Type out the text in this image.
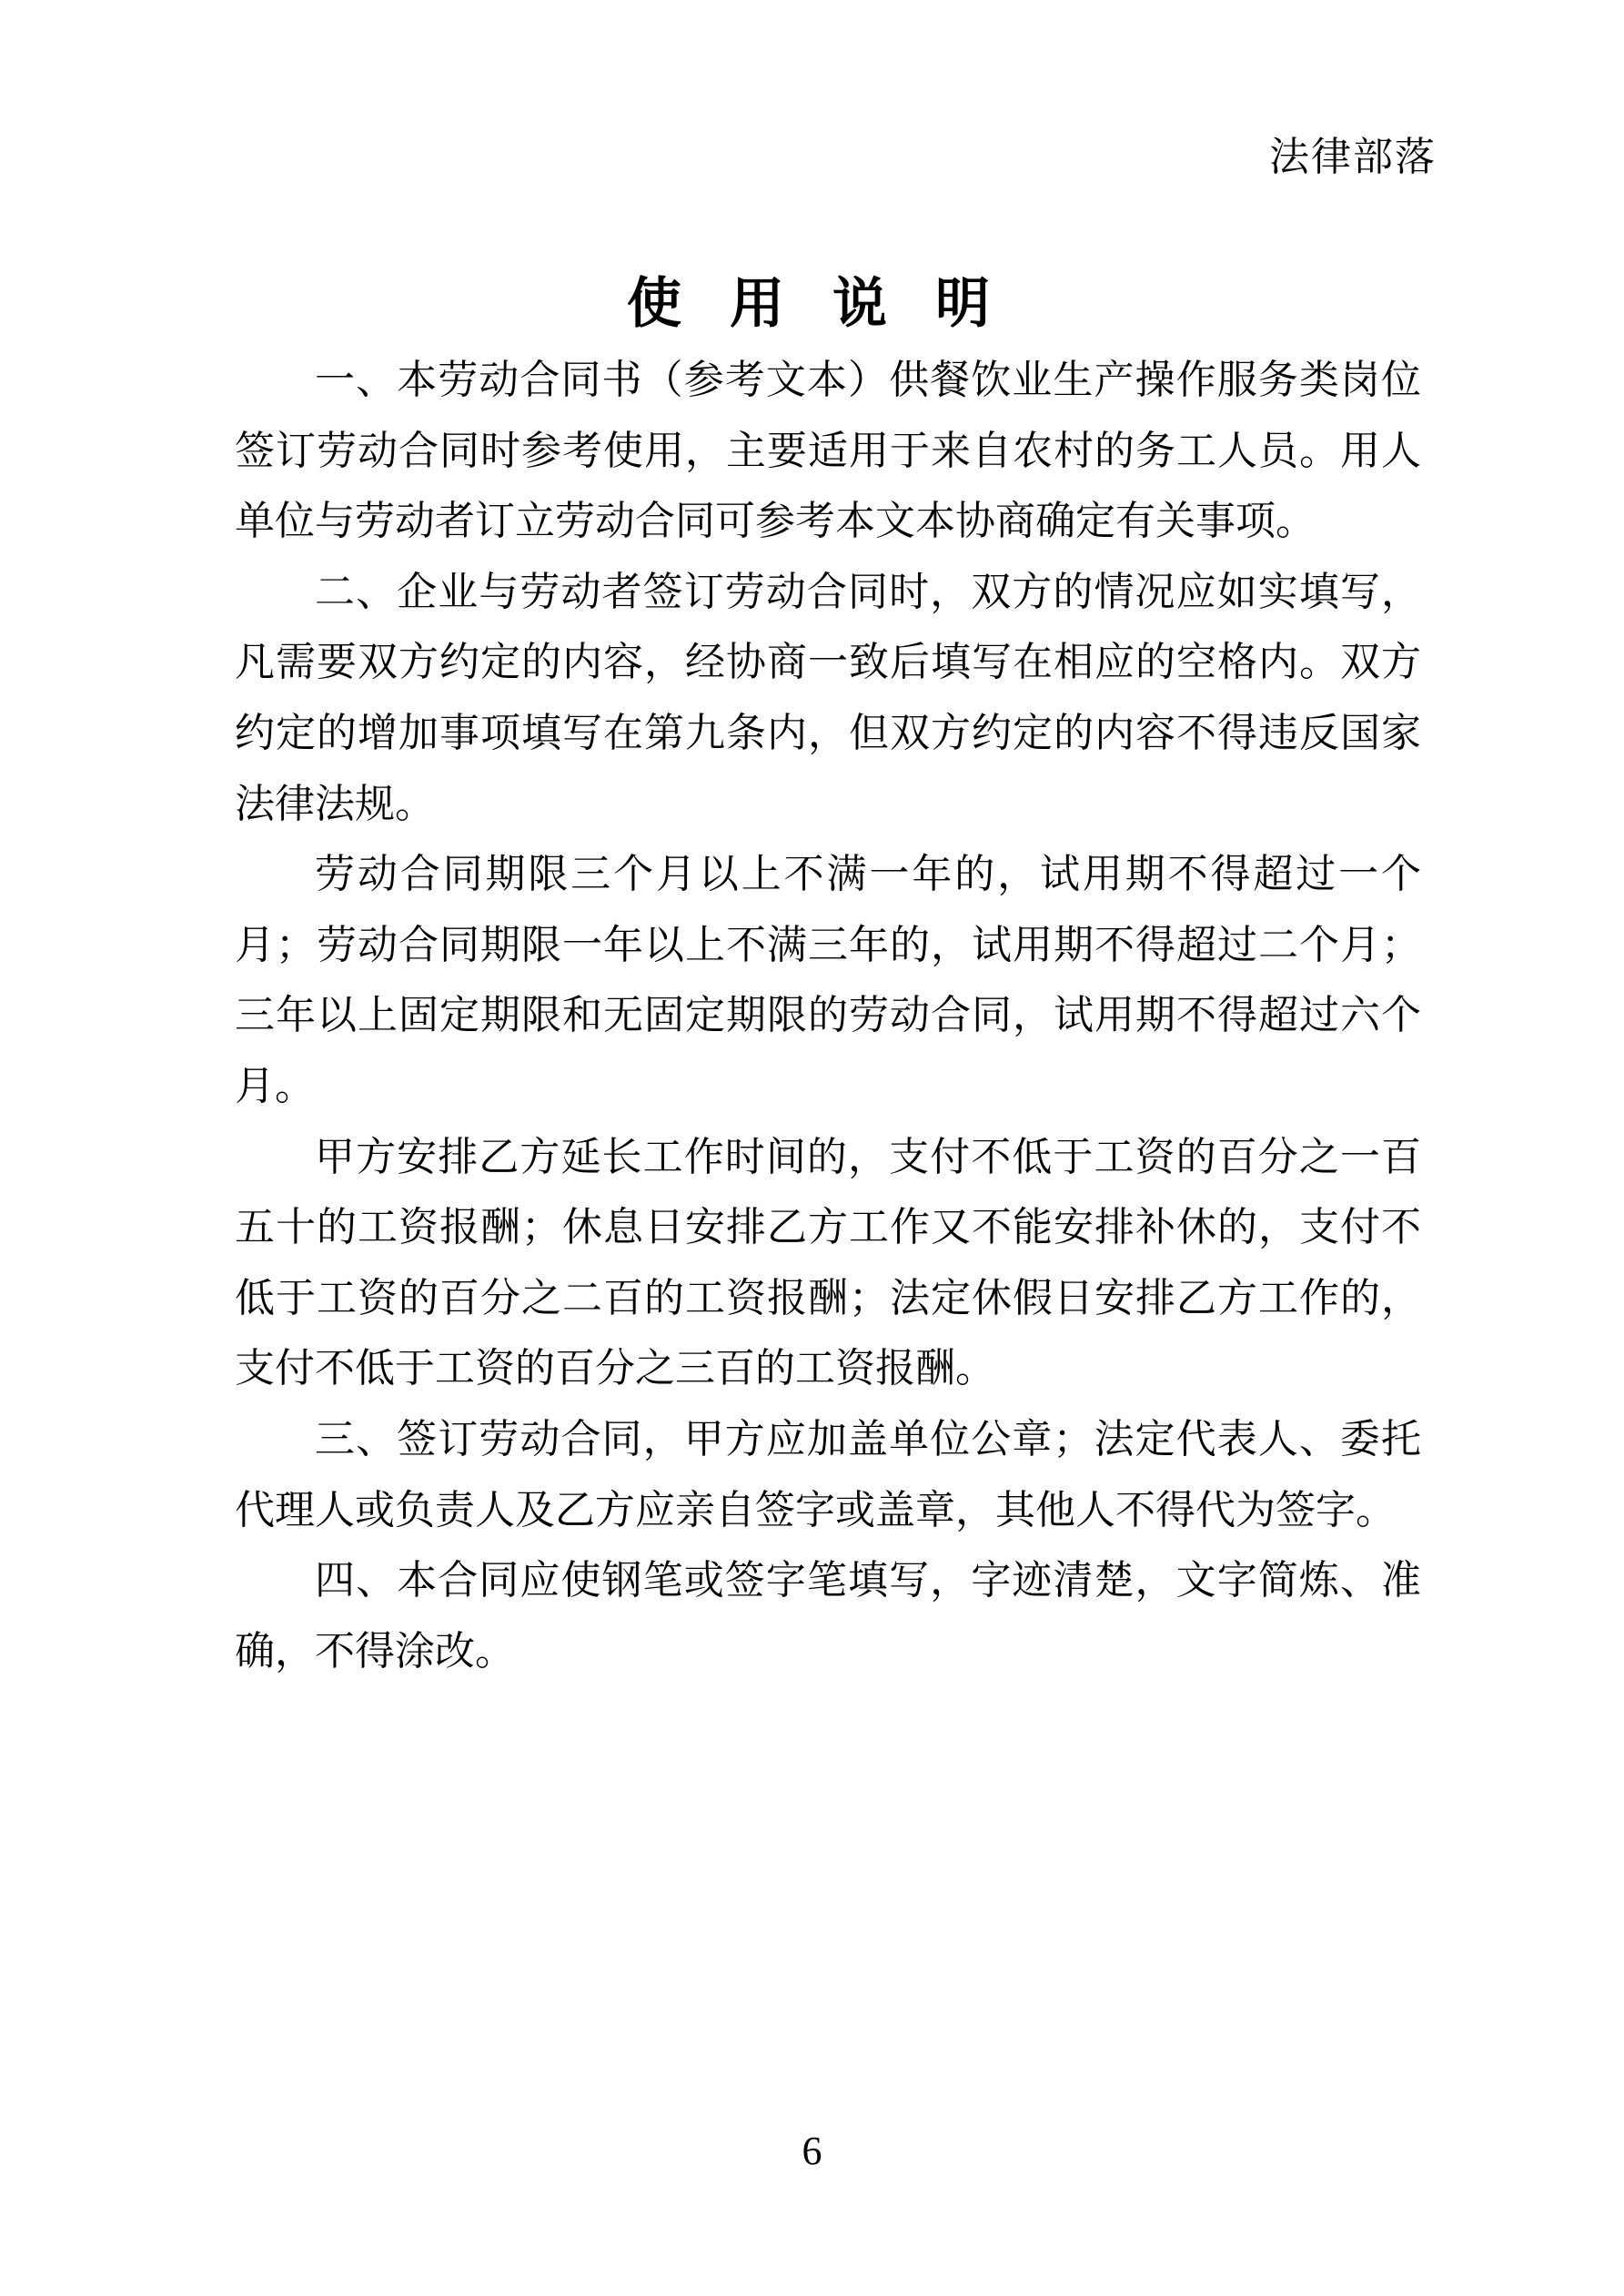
法律部落
使 用 说 明

一、本劳动合同书（参考文本）供餐饮业生产操作服务类岗位签订劳动合同时参考使用，主要适用于来自农村的务工人员。用人单位与劳动者订立劳动合同可参考本文本协商确定有关事项。

二、企业与劳动者签订劳动合同时，双方的情况应如实填写，凡需要双方约定的内容，经协商一致后填写在相应的空格内。双方约定的增加事项填写在第九条内，但双方约定的内容不得违反国家法律法规。

劳动合同期限三个月以上不满一年的，试用期不得超过一个月；劳动合同期限一年以上不满三年的，试用期不得超过二个月；三年以上固定期限和无固定期限的劳动合同，试用期不得超过六个月。

甲方安排乙方延长工作时间的，支付不低于工资的百分之一百五十的工资报酬；休息日安排乙方工作又不能安排补休的，支付不低于工资的百分之二百的工资报酬；法定休假日安排乙方工作的，支付不低于工资的百分之三百的工资报酬。

三、签订劳动合同，甲方应加盖单位公章；法定代表人、委托代理人或负责人及乙方应亲自签字或盖章，其他人不得代为签字。

四、本合同应使钢笔或签字笔填写，字迹清楚，文字简炼、准确，不得涂改。

6
